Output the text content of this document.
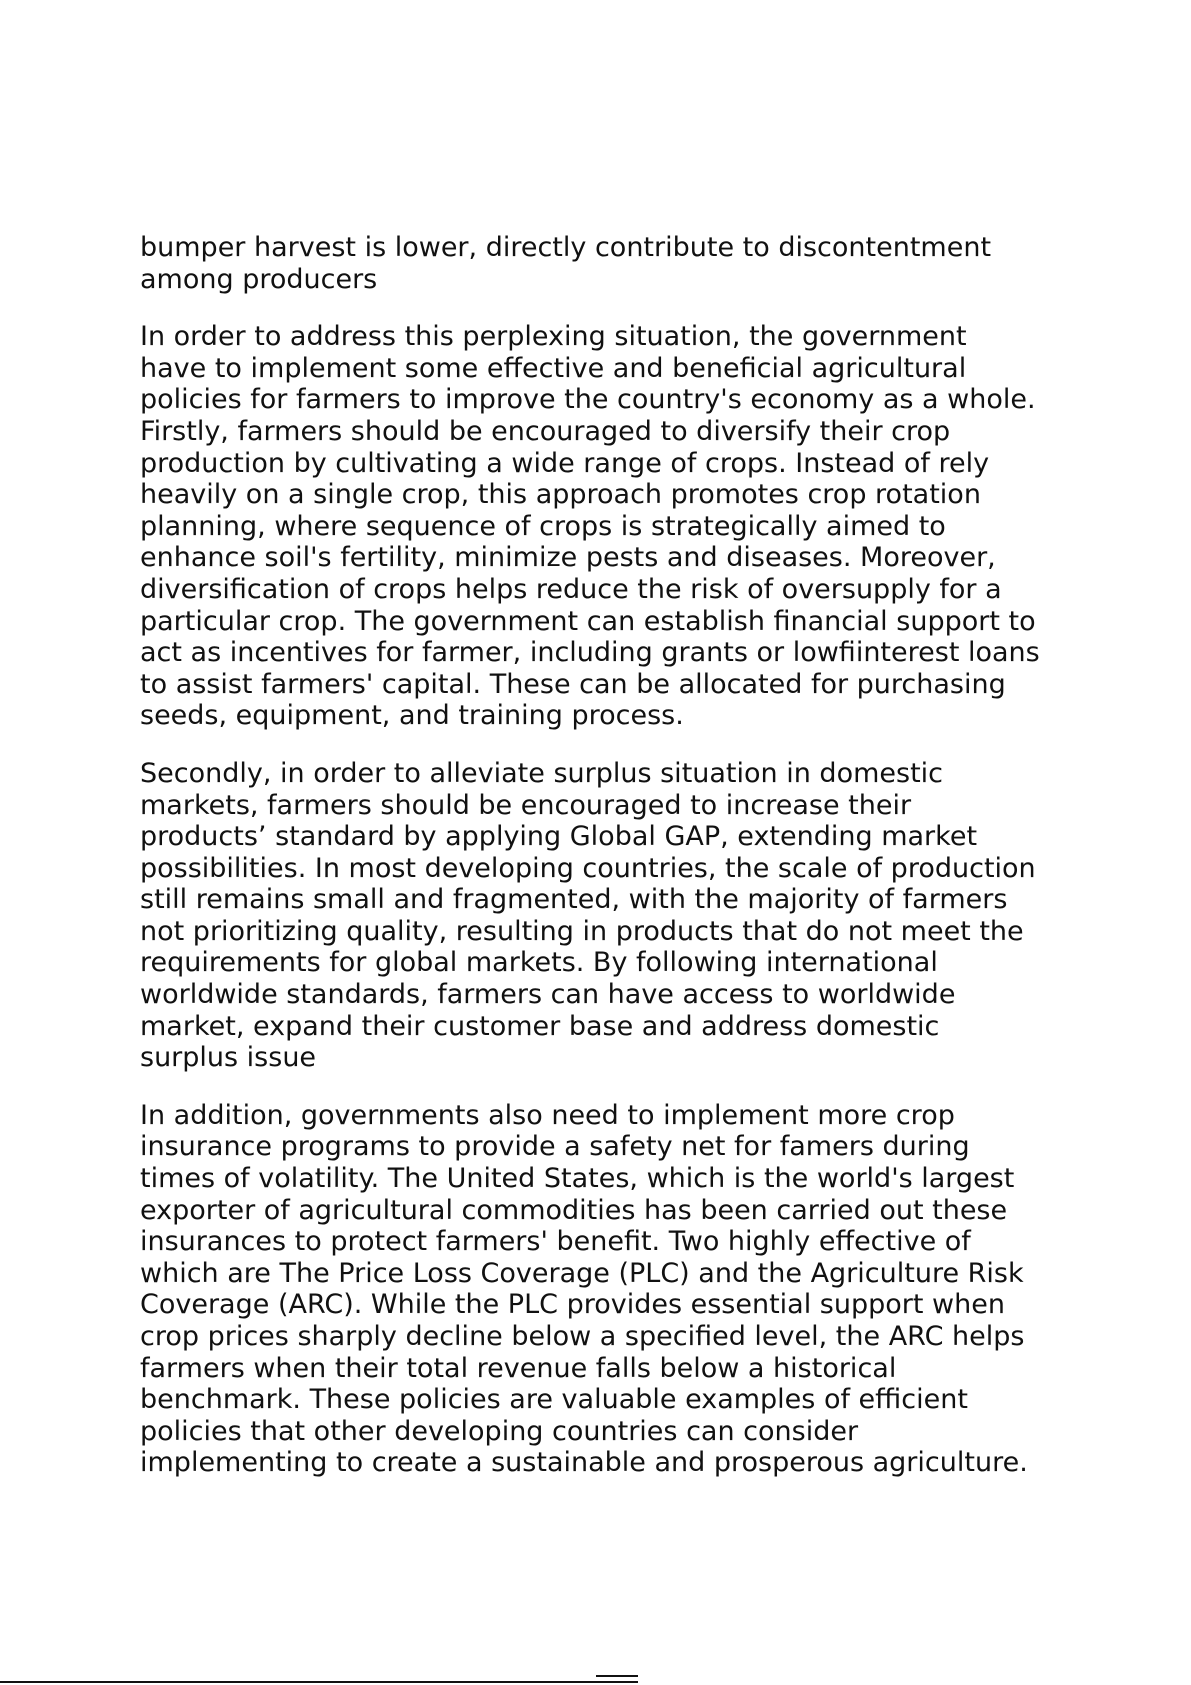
bumper harvest is lower, directly contribute to discontentment
among producers

In order to address this perplexing situation, the government
have to implement some effective and beneficial agricultural
policies for farmers to improve the country's economy as a whole.
Firstly, farmers should be encouraged to diversify their crop
production by cultivating a wide range of crops. Instead of rely
heavily on a single crop, this approach promotes crop rotation
planning, where sequence of crops is strategically aimed to
enhance soil's fertility, minimize pests and diseases. Moreover,
diversification of crops helps reduce the risk of oversupply for a
particular crop. The government can establish financial support to
act as incentives for farmer, including grants or lowfiinterest loans
to assist farmers' capital. These can be allocated for purchasing
seeds, equipment, and training process.

Secondly, in order to alleviate surplus situation in domestic
markets, farmers should be encouraged to increase their
products’ standard by applying Global GAP, extending market
possibilities. In most developing countries, the scale of production
still remains small and fragmented, with the majority of farmers
not prioritizing quality, resulting in products that do not meet the
requirements for global markets. By following international
worldwide standards, farmers can have access to worldwide
market, expand their customer base and address domestic
surplus issue

In addition, governments also need to implement more crop
insurance programs to provide a safety net for famers during
times of volatility. The United States, which is the world's largest
exporter of agricultural commodities has been carried out these
insurances to protect farmers' benefit. Two highly effective of
which are The Price Loss Coverage (PLC) and the Agriculture Risk
Coverage (ARC). While the PLC provides essential support when
crop prices sharply decline below a specified level, the ARC helps
farmers when their total revenue falls below a historical
benchmark. These policies are valuable examples of efficient
policies that other developing countries can consider
implementing to create a sustainable and prosperous agriculture.
